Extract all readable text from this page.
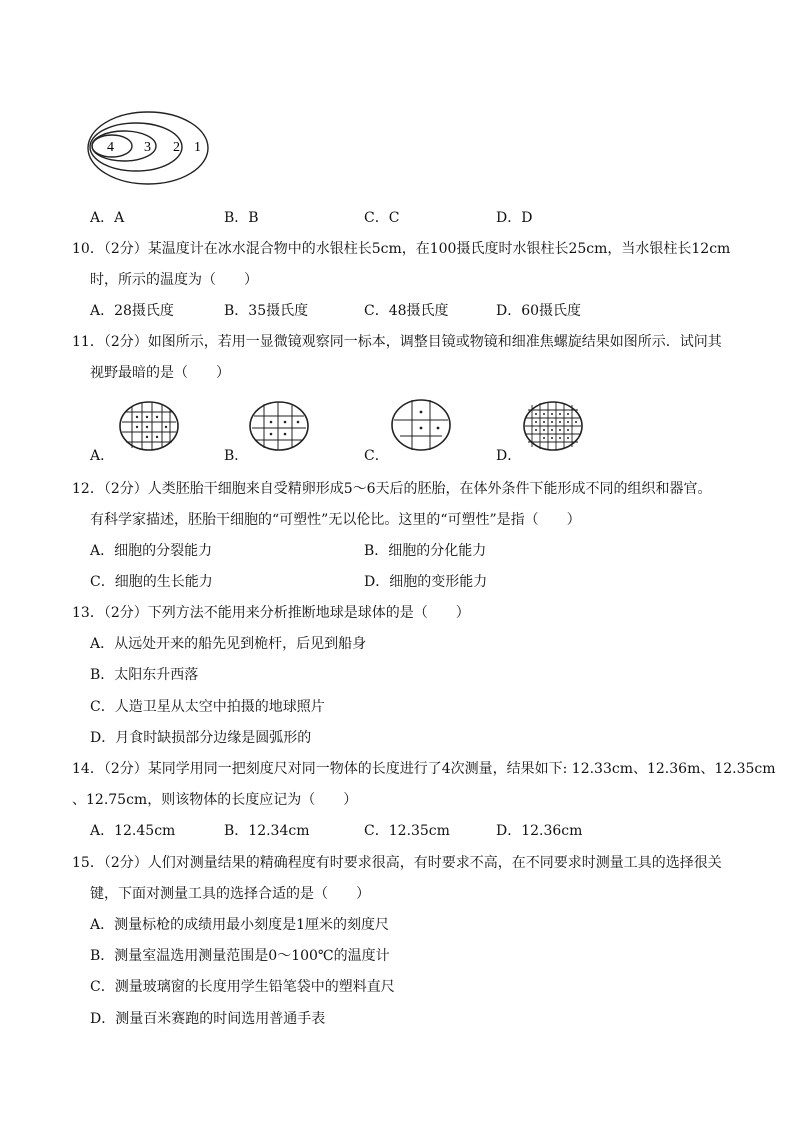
4 3 2 1
A．A	B．B	C．C	D．D
10．（2分）某温度计在冰水混合物中的水银柱长5cm，在100摄氏度时水银柱长25cm，当水银柱长12cm
时，所示的温度为（　　）
A．28摄氏度	B．35摄氏度	C．48摄氏度	D．60摄氏度
11．（2分）如图所示，若用一显微镜观察同一标本，调整目镜或物镜和细准焦螺旋结果如图所示．试问其
视野最暗的是（　　）
A．	B．	C．	D．
12．（2分）人类胚胎干细胞来自受精卵形成5～6天后的胚胎，在体外条件下能形成不同的组织和器官。
有科学家描述，胚胎干细胞的“可塑性”无以伦比。这里的“可塑性”是指（　　）
A．细胞的分裂能力	B．细胞的分化能力
C．细胞的生长能力	D．细胞的变形能力
13．（2分）下列方法不能用来分析推断地球是球体的是（　　）
A．从远处开来的船先见到桅杆，后见到船身
B．太阳东升西落
C．人造卫星从太空中拍摄的地球照片
D．月食时缺损部分边缘是圆弧形的
14．（2分）某同学用同一把刻度尺对同一物体的长度进行了4次测量，结果如下: 12.33cm、12.36m、12.35cm
、12.75cm，则该物体的长度应记为（　　）
A．12.45cm	B．12.34cm	C．12.35cm	D．12.36cm
15．（2分）人们对测量结果的精确程度有时要求很高，有时要求不高，在不同要求时测量工具的选择很关
键，下面对测量工具的选择合适的是（　　）
A．测量标枪的成绩用最小刻度是1厘米的刻度尺
B．测量室温选用测量范围是0～100℃的温度计
C．测量玻璃窗的长度用学生铅笔袋中的塑料直尺
D．测量百米赛跑的时间选用普通手表
